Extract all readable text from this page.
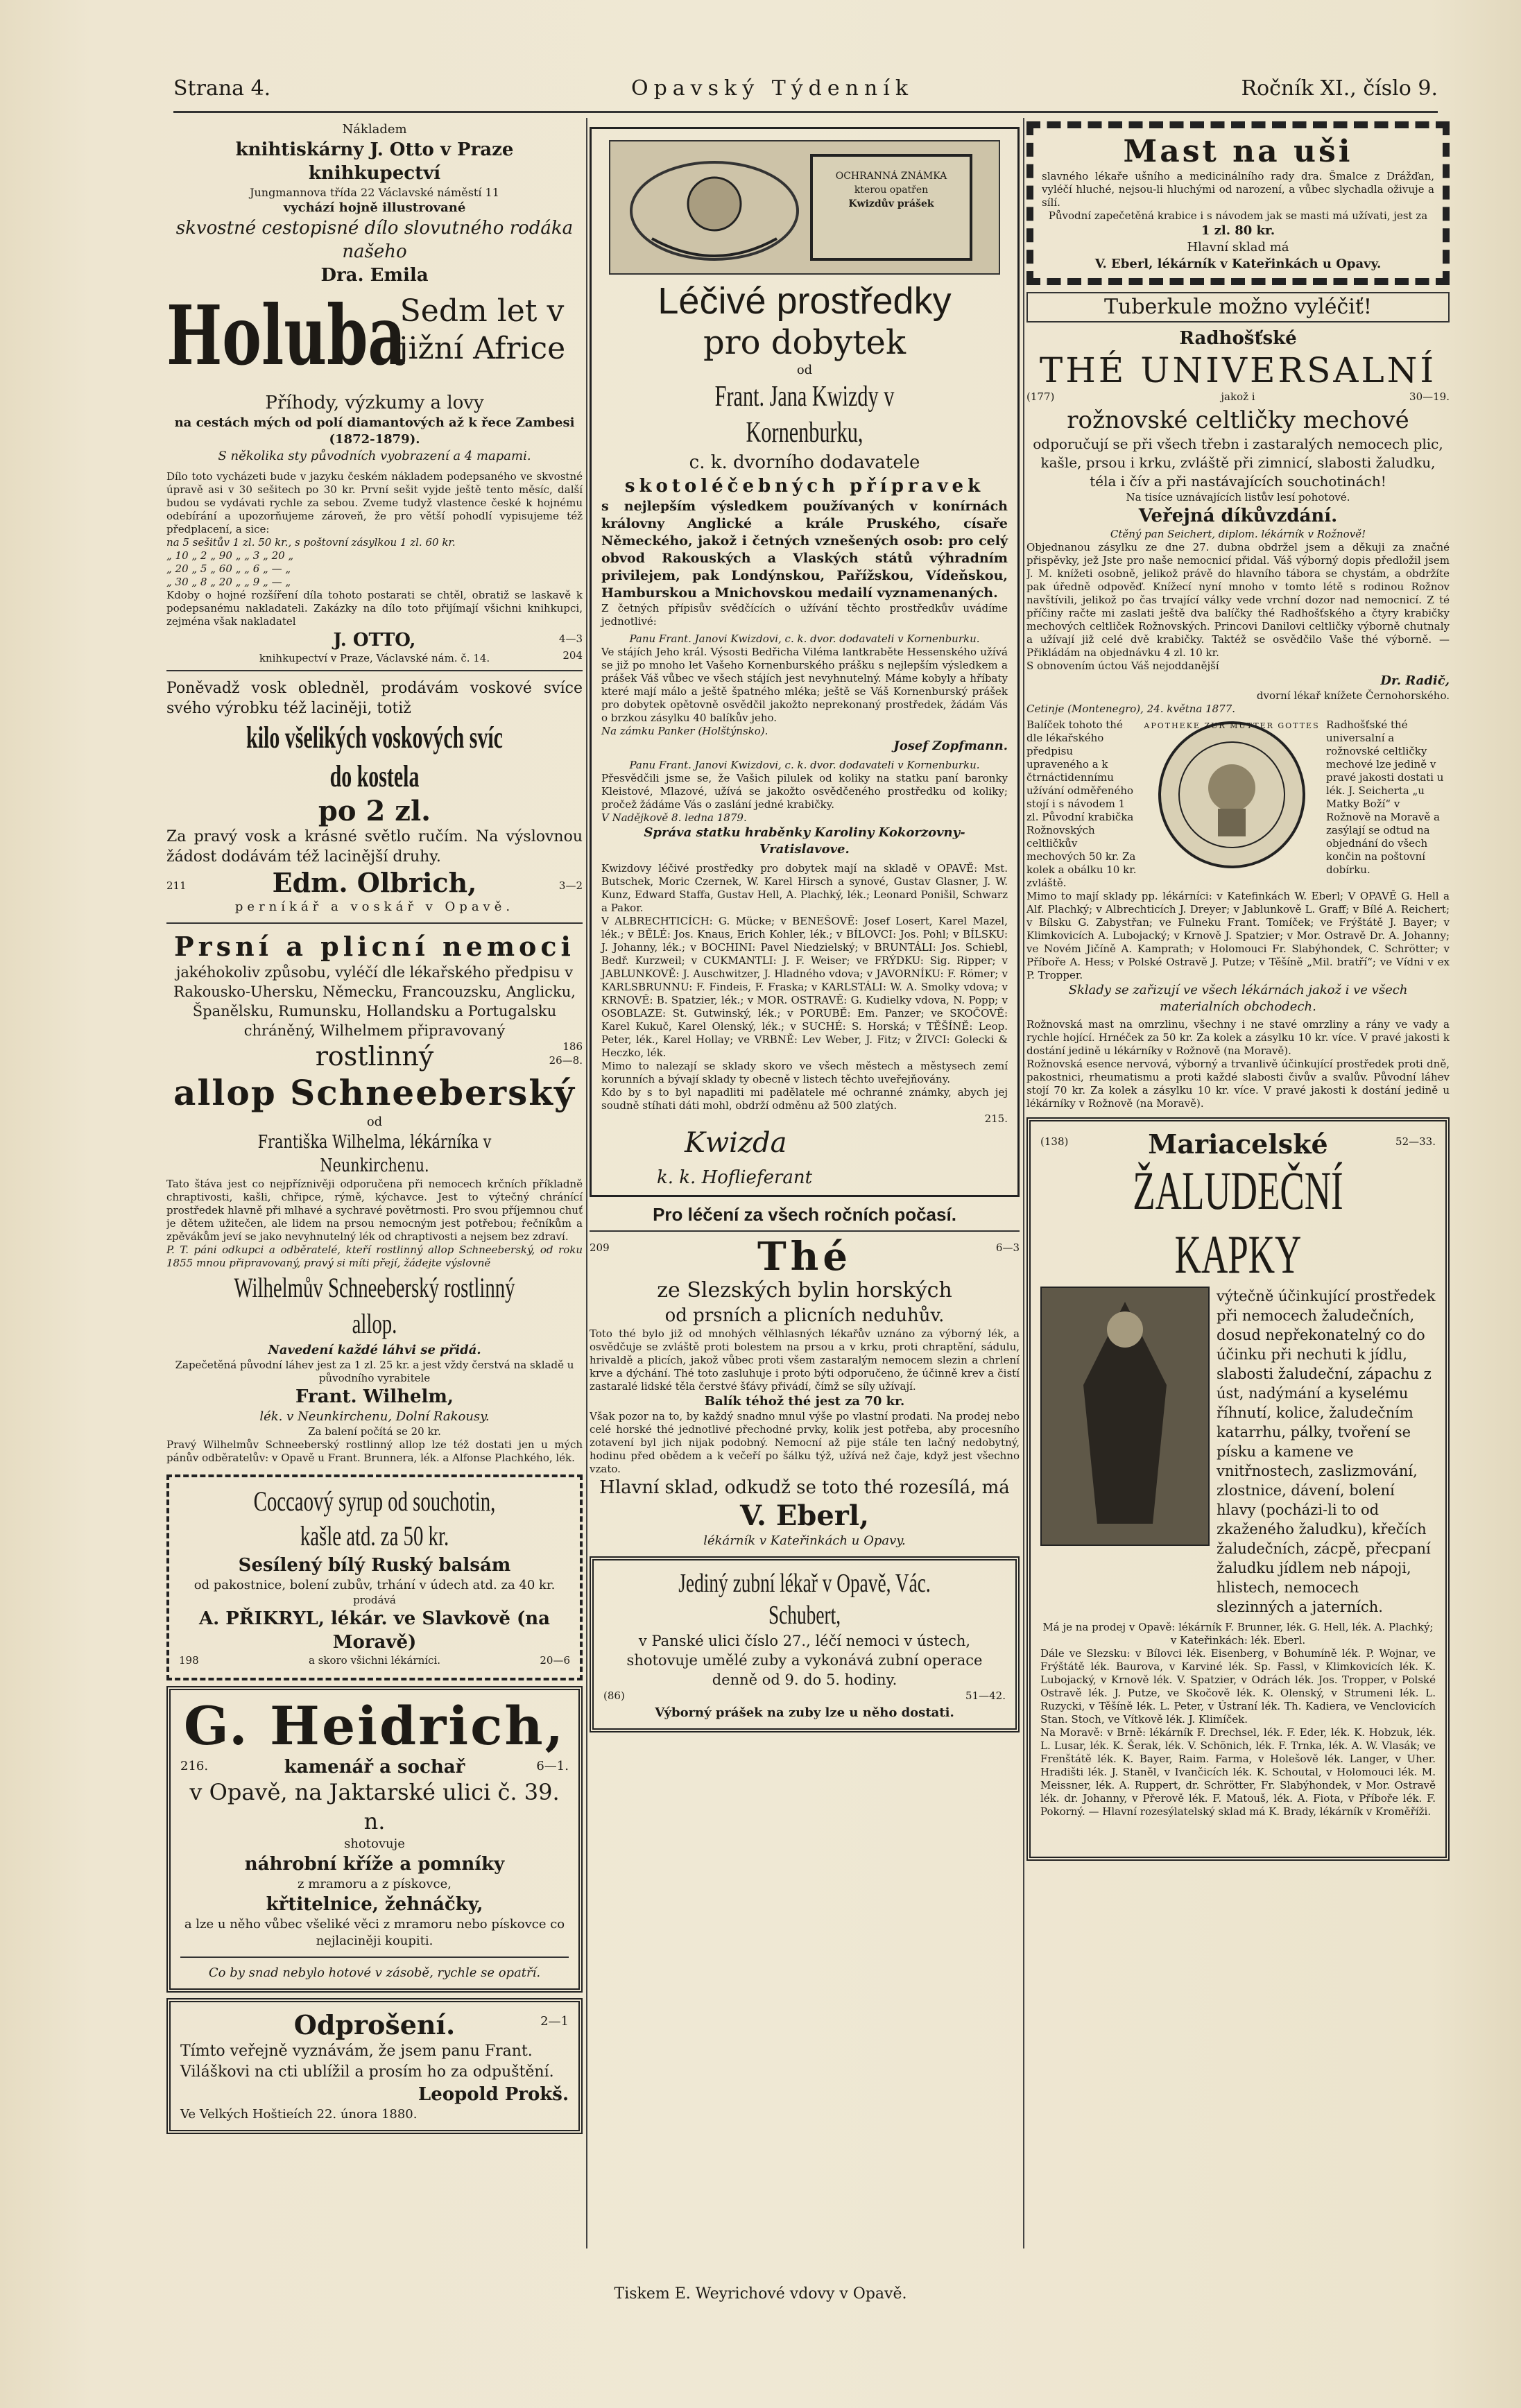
Strana 4.	Opavský Týdenník	Ročník XI., číslo 9.
Nákladem
knihtiskárny J. Otto v Praze knihkupectví
Jungmannova třída 22 Václavské náměstí 11
vychází hojně illustrované
skvostné cestopisné dílo slovutného rodáka našeho
Dra. Emila
Holuba
Sedm let v jižní Africe
Příhody, výzkumy a lovy
na cestách mých od polí diamantových až k řece Zambesi (1872-1879).
S několika sty původních vyobrazení a 4 mapami.
Dílo toto vycházeti bude v jazyku českém nákladem podepsaného ve skvostné úpravě asi v 30 sešitech po 30 kr. První sešit vyjde ještě tento měsíc, další budou se vydávati rychle za sebou. Zveme tudyž vlastence české k hojnému odebírání a upozorňujeme zároveň, že pro větší pohodlí vypisujeme též předplacení, a sice:
na 5 sešitův 1 zl. 50 kr., s poštovní zásylkou 1 zl. 60 kr.
„ 10 „ 2 „ 90 „ „ 3 „ 20 „
„ 20 „ 5 „ 60 „ „ 6 „ — „
„ 30 „ 8 „ 20 „ „ 9 „ — „
Kdoby o hojné rozšíření díla tohoto postarati se chtěl, obratiž se laskavě k podepsanému nakladateli. Zakázky na dílo toto přijímají všichni knihkupci, zejména však nakladatel
J. OTTO,
knihkupectví v Praze, Václavské nám. č. 14.
4—3
204
Poněvadž vosk obledněl, prodávám voskové svíce svého výrobku též laciněji, totiž
kilo všelikých voskových svíc do kostela
po 2 zl.
Za pravý vosk a krásné světlo ručím. Na výslovnou žádost dodávám též lacinější druhy.
211	Edm. Olbrich,	3—2
perníkář a voskář v Opavě.
Prsní a plicní nemoci
jakéhokoliv způsobu, vyléčí dle lékařského předpisu v Rakousko-Uhersku, Německu, Francouzsku, Anglicku, Španělsku, Rumunsku, Hollandsku a Portugalsku chráněný, Wilhelmem připravovaný
rostlinný	186
26—8.
allop Schneeberský
od
Františka Wilhelma, lékárníka v Neunkirchenu.
Tato štáva jest co nejpříznivěji odporučena při nemocech krčních příkladně chraptivosti, kašli, chřipce, rýmě, kýchavce. Jest to výtečný chránící prostředek hlavně při mlhavé a sychravé povětrnosti. Pro svou příjemnou chuť je dětem užitečen, ale lidem na prsou nemocným jest potřebou; řečníkům a zpěvákům jeví se jako nevyhnutelný lék od chraptivosti a nejsem bez zdraví.
P. T. páni odkupci a odběratelé, kteří rostlinný allop Schneeberský, od roku 1855 mnou připravovaný, pravý si míti přejí, žádejte výslovně
Wilhelmův Schneeberský rostlinný allop.
Navedení každé láhvi se přidá.
Zapečetěná původní láhev jest za 1 zl. 25 kr. a jest vždy čerstvá na skladě u původního vyrabitele
Frant. Wilhelm,
lék. v Neunkirchenu, Dolní Rakousy.
Za balení počítá se 20 kr.
Pravý Wilhelmův Schneeberský rostlinný allop lze též dostati jen u mých pánův odběratelův: v Opavě u Frant. Brunnera, lék. a Alfonse Plachkého, lék.
Coccaový syrup od souchotin, kašle atd. za 50 kr.
Sesílený bílý Ruský balsám
od pakostnice, bolení zubův, trhání v údech atd. za 40 kr.
prodává
A. PŘIKRYL, lékár. ve Slavkově (na Moravě)
198	a skoro všichni lékárníci.	20—6
G. Heidrich,
216.	kamenář a sochař	6—1.
v Opavě, na Jaktarské ulici č. 39. n.
shotovuje
náhrobní kříže a pomníky
z mramoru a z pískovce,
křtitelnice, žehnáčky,
a lze u něho vůbec všeliké věci z mramoru nebo pískovce co nejlaciněji koupiti.
Co by snad nebylo hotové v zásobě, rychle se opatří.
Odprošení.	2—1
Tímto veřejně vyznávám, že jsem panu Frant. Viláškovi na cti ublížil a prosím ho za odpuštění.
Leopold Prokš.
Ve Velkých Hoštieích 22. února 1880.
OCHRANNÁ ZNÁMKA
kterou opatřen
Kwizdův prášek
Léčivé prostředky
pro dobytek
od
Frant. Jana Kwizdy v Kornenburku,
c. k. dvorního dodavatele
skotoléčebných přípravek
s nejlepším výsledkem používaných v konírnách královny Anglické a krále Pruského, císaře Německého, jakož i četných vznešených osob: pro celý obvod Rakouských a Vlaských států výhradním privilejem, pak Londýnskou, Pařížskou, Vídeňskou, Hamburskou a Mnichovskou medailí vyznamenaných.
Z četných přípisův svědčících o užívání těchto prostředkův uvádíme jednotlivé:
Panu Frant. Janovi Kwizdovi, c. k. dvor. dodavateli v Kornenburku.
Ve stájích Jeho král. Výsosti Bedřicha Viléma lantkraběte Hessenského užívá se již po mnoho let Vašeho Kornenburského prášku s nejlepším výsledkem a prášek Váš vůbec ve všech stájích jest nevyhnutelný. Máme kobyly a hříbaty které mají málo a ještě špatného mléka; ještě se Váš Kornenburský prášek pro dobytek opětovně osvědčil jakožto neprekonaný prostředek, žádám Vás o brzkou zásylku 40 balíkův jeho.
Na zámku Panker (Holštýnsko).
Josef Zopfmann.
Panu Frant. Janovi Kwizdovi, c. k. dvor. dodavateli v Kornenburku.
Přesvědčili jsme se, že Vašich pilulek od koliky na statku paní baronky Kleistové, Mlazové, užívá se jakožto osvědčeného prostředku od koliky; pročež žádáme Vás o zaslání jedné krabičky.
V Nadějkově 8. ledna 1879.
Správa statku hraběnky Karoliny Kokorzovny-Vratislavove.
Kwizdovy léčivé prostředky pro dobytek mají na skladě v OPAVĚ: Mst. Butschek, Moric Czernek, W. Karel Hirsch a synové, Gustav Glasner, J. W. Kunz, Edward Staffa, Gustav Hell, A. Plachký, lék.; Leonard Ponišil, Schwarz a Pakor.
V ALBRECHTICÍCH: G. Mücke; v BENEŠOVĚ: Josef Losert, Karel Mazel, lék.; v BĚLÉ: Jos. Knaus, Erich Kohler, lék.; v BÍLOVCI: Jos. Pohl; v BÍLSKU: J. Johanny, lék.; v BOCHINI: Pavel Niedzielský; v BRUNTÁLI: Jos. Schiebl, Bedř. Kurzweil; v CUKMANTLI: J. F. Weiser; ve FRÝDKU: Sig. Ripper; v JABLUNKOVĚ: J. Auschwitzer, J. Hladného vdova; v JAVORNÍKU: F. Römer; v KARLSBRUNNU: F. Findeis, F. Fraska; v KARLSTÁLI: W. A. Smolky vdova; v KRNOVĚ: B. Spatzier, lék.; v MOR. OSTRAVĚ: G. Kudielky vdova, N. Popp; v OSOBLAZE: St. Gutwinský, lék.; v PORUBĚ: Em. Panzer; ve SKOČOVĚ: Karel Kukuč, Karel Olenský, lék.; v SUCHÉ: S. Horská; v TĚŠÍNĚ: Leop. Peter, lék., Karel Hollay; ve VRBNĚ: Lev Weber, J. Fitz; v ŽIVCI: Golecki & Heczko, lék.
Mimo to nalezají se sklady skoro ve všech městech a městysech zemí korunních a bývají sklady ty obecně v listech těchto uveřejňovány.
Kdo by s to byl napadliti mi padělatele mé ochranné známky, abych jej soudně stíhati dáti mohl, obdrží odměnu až 500 zlatých.
215.
Kwizda
k. k. Hoflieferant
Pro léčení za všech ročních počasí.
209	Thé	6—3
ze Slezských bylin horských
od prsních a plicních neduhův.
Toto thé bylo již od mnohých vělhlasných lékařův uznáno za výborný lék, a osvědčuje se zvláště proti bolestem na prsou a v krku, proti chraptění, sádulu, hrivaldě a plicích, jakož vůbec proti všem zastaralým nemocem slezin a chrlení krve a dýchání. Thé toto zasluhuje i proto býti odporučeno, že účinně krev a čistí zastaralé lidské těla čerstvé šťávy přivádí, čímž se síly užívají.
Balík téhož thé jest za 70 kr.
Však pozor na to, by každý snadno mnul výše po vlastní prodati. Na prodej nebo celé horské thé jednotlivé přechodné prvky, kolik jest potřeba, aby procesního zotavení byl jich nijak podobný. Nemocní až pije stále ten lačný nedobytný, hodinu před obědem a k večeří po šálku týž, užívá než čaje, když jest všechno vzato.
Hlavní sklad, odkudž se toto thé rozesílá, má
V. Eberl,
lékárník v Kateřinkách u Opavy.
Jediný zubní lékař v Opavě, Vác. Schubert,
v Panské ulici číslo 27., léčí nemoci v ústech, shotovuje umělé zuby a vykonává zubní operace denně od 9. do 5. hodiny.
(86)	51—42.
Výborný prášek na zuby lze u něho dostati.
Mast na uši
slavného lékaře ušního a medicinálního rady dra. Šmalce z Drážďan, vyléčí hluché, nejsou-li hluchými od narození, a vůbec slychadla oživuje a sílí.
Původní zapečetěná krabice i s návodem jak se masti má užívati, jest za
1 zl. 80 kr.
Hlavní sklad má
V. Eberl, lékárník v Kateřinkách u Opavy.
Tuberkule možno vyléčiť!
Radhošťské
THÉ UNIVERSALNÍ
(177)	jakož i	30—19.
rožnovské celtličky mechové
odporučují se při všech třebn i zastaralých nemocech plic, kašle, prsou i krku, zvláště při zimnicí, slabosti žaludku, téla i čív a při nastávajících souchotinách!
Na tisíce uznávajících listův lesí pohotové.
Veřejná díkůvzdání.
Ctěný pan Seichert, diplom. lékárník v Rožnově!
Objednanou zásylku ze dne 27. dubna obdržel jsem a děkuji za značné přispěvky, jež Jste pro naše nemocnicí přidal. Váš výborný dopis předložil jsem J. M. knížeti osobně, jelikož právě do hlavního tábora se chystám, a obdržíte pak úředně odpověď. Knížecí nyní mnoho v tomto létě s rodinou Rožnov navštívili, jelikož po čas trvající války vede vrchní dozor nad nemocnicí. Z té příčiny račte mi zaslati ještě dva balíčky thé Radhošťského a čtyry krabičky mechových celtliček Rožnovských. Princovi Danilovi celtličky výborně chutnaly a užívají již celé dvě krabičky. Taktéž se osvědčilo Vaše thé výborně. — Přikládám na objednávku 4 zl. 10 kr.
S obnovením úctou Váš nejoddanější
Dr. Radič,
dvorní lékař knížete Černohorského.
Cetinje (Montenegro), 24. května 1877.
Balíček tohoto thé dle lékařského předpisu upraveného a k čtrnáctidennímu užívání odměřeného stojí i s návodem 1 zl. Původní krabička Rožnovských celtličkův mechových 50 kr. Za kolek a obálku 10 kr. zvláště.
APOTHEKE ZUR MUTTER GOTTES Radhošťské thé universalní a rožnovské celtličky mechové lze jedině v pravé jakosti dostati u lék. J. Seicherta „u Matky Boží“ v Rožnově na Moravě a zasýlají se odtud na objednání do všech končin na poštovní dobírku.
Mimo to mají sklady pp. lékárníci: v Katefinkách W. Eberl; V OPAVĚ G. Hell a Alf. Plachký; v Albrechticích J. Dreyer; v Jablunkově L. Graff; v Bílé A. Reichert; v Bílsku G. Zabystřan; ve Fulneku Frant. Tomíček; ve Frýštátě J. Bayer; v Klimkovicích A. Lubojacký; v Krnově J. Spatzier; v Mor. Ostravě Dr. A. Johanny; ve Novém Jičíně A. Kamprath; v Holomouci Fr. Slabýhondek, C. Schrötter; v Příboře A. Hess; v Polské Ostravě J. Putze; v Těšíně „Mil. bratří“; ve Vídni v ex P. Tropper.
Sklady se zařizují ve všech lékárnách jakož i ve všech materialních obchodech.
Rožnovská mast na omrzlinu, všechny i ne stavé omrzliny a rány ve vady a rychle hojící. Hrnéček za 50 kr. Za kolek a zásylku 10 kr. více. V pravé jakosti k dostání jedině u lékárníky v Rožnově (na Moravě).
Rožnovská esence nervová, výborný a trvanlivě účinkující prostředek proti dně, pakostnici, rheumatismu a proti každé slabosti čivův a svalův. Původní láhev stojí 70 kr. Za kolek a zásylku 10 kr. více. V pravé jakosti k dostání jedině u lékárníky v Rožnově (na Moravě).
(138)	Mariacelské	52—33.
ŽALUDEČNÍ KAPKY
výtečně účinkující prostředek při nemocech žaludečních, dosud nepřekonatelný co do účinku při nechuti k jídlu, slabosti žaludeční, zápachu z úst, nadýmání a kyselému říhnutí, kolice, žaludečním katarrhu, pálky, tvoření se písku a kamene ve vnitřnostech, zaslizmování, zlostnice, dávení, bolení hlavy (pocházi-li to od zkaženého žaludku), křečích žaludečních, zácpě, přecpaní žaludku jídlem neb nápoji, hlistech, nemocech slezinných a jaterních.
Má je na prodej v Opavě: lékárník F. Brunner, lék. G. Hell, lék. A. Plachký; v Kateřinkách: lék. Eberl.
Dále ve Slezsku: v Bílovci lék. Eisenberg, v Bohumíně lék. P. Wojnar, ve Frýštátě lék. Baurova, v Karviné lék. Sp. Fassl, v Klimkovicích lék. K. Lubojacký, v Krnově lék. V. Spatzier, v Odrách lék. Jos. Tropper, v Polské Ostravě lék. J. Putze, ve Skočově lék. K. Olenský, v Strumeni lék. L. Ruzycki, v Těšíně lék. L. Peter, v Ústraní lék. Th. Kadiera, ve Venclovicích Stan. Stoch, ve Vítkově lék. J. Klimíček.
Na Moravě: v Brně: lékárník F. Drechsel, lék. F. Eder, lék. K. Hobzuk, lék. L. Lusar, lék. K. Šerak, lék. V. Schönich, lék. F. Trnka, lék. A. W. Vlasák; ve Frenštátě lék. K. Bayer, Raim. Farma, v Holešově lék. Langer, v Uher. Hradišti lék. J. Staněl, v Ivančicích lék. K. Schoutal, v Holomouci lék. M. Meissner, lék. A. Ruppert, dr. Schrötter, Fr. Slabýhondek, v Mor. Ostravě lék. dr. Johanny, v Přerově lék. F. Matouš, lék. A. Fiota, v Příboře lék. F. Pokorný. — Hlavní rozesýlatelský sklad má K. Brady, lékárník v Kroměříži.
Tiskem E. Weyrichové vdovy v Opavě.
